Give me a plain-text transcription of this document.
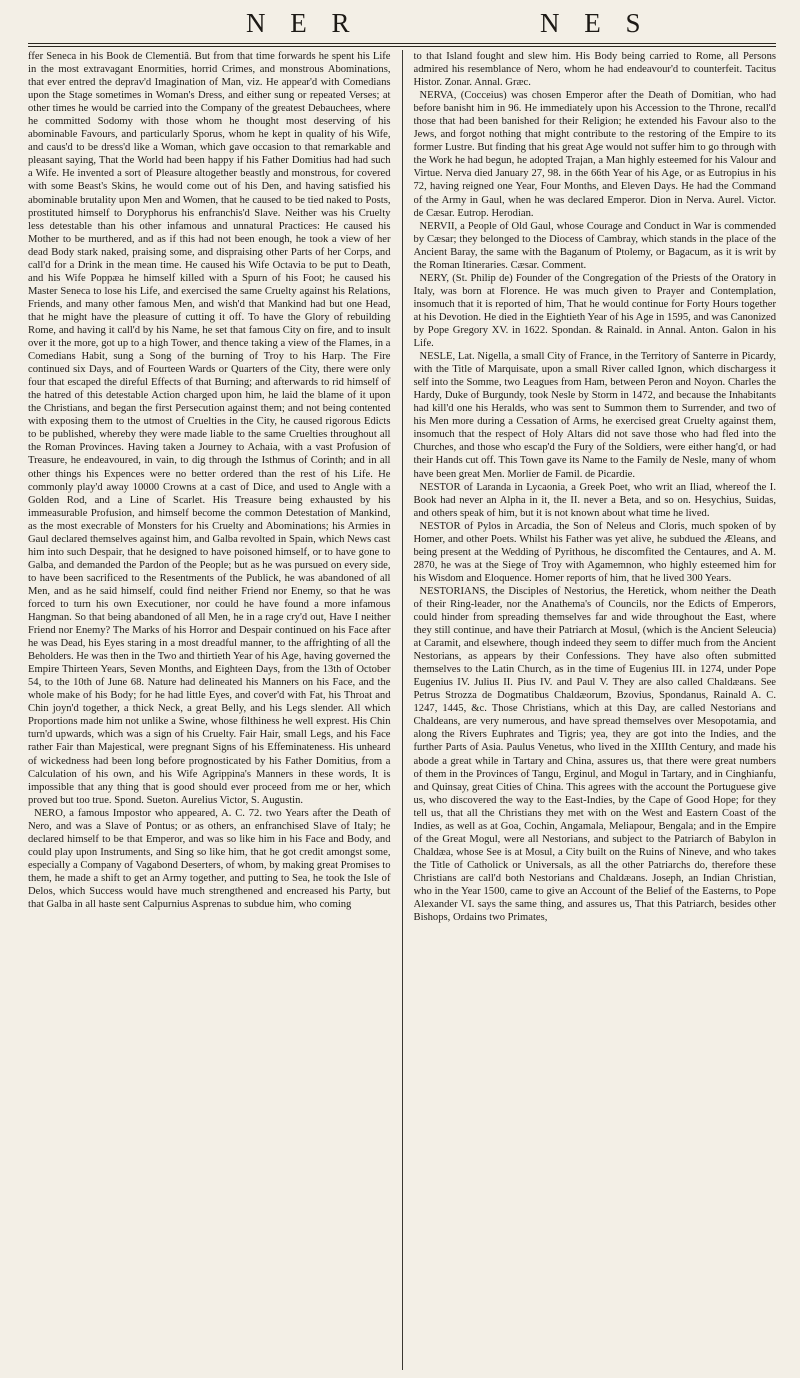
N E R	N E S

ffer Seneca in his Book de Clementiâ. But from that time forwards he spent his Life in the most extravagant Enormities, horrid Crimes, and monstrous Abominations, that ever entred the deprav'd Imagination of Man, viz. He appear'd with Comedians upon the Stage sometimes in Woman's Dress, and either sung or repeated Verses; at other times he would be carried into the Company of the greatest Debauchees, where he committed Sodomy with those whom he thought most deserving of his abominable Favours, and particularly Sporus, whom he kept in quality of his Wife, and caus'd to be dress'd like a Woman, which gave occasion to that remarkable and pleasant saying, That the World had been happy if his Father Domitius had had such a Wife. He invented a sort of Pleasure altogether beastly and monstrous, for covered with some Beast's Skins, he would come out of his Den, and having satisfied his abominable brutality upon Men and Women, that he caused to be tied naked to Posts, prostituted himself to Doryphorus his enfranchis'd Slave. Neither was his Cruelty less detestable than his other infamous and unnatural Practices: He caused his Mother to be murthered, and as if this had not been enough, he took a view of her dead Body stark naked, praising some, and dispraising other Parts of her Corps, and call'd for a Drink in the mean time. He caused his Wife Octavia to be put to Death, and his Wife Poppæa he himself killed with a Spurn of his Foot; he caused his Master Seneca to lose his Life, and exercised the same Cruelty against his Relations, Friends, and many other famous Men, and wish'd that Mankind had but one Head, that he might have the pleasure of cutting it off. To have the Glory of rebuilding Rome, and having it call'd by his Name, he set that famous City on fire, and to insult over it the more, got up to a high Tower, and thence taking a view of the Flames, in a Comedians Habit, sung a Song of the burning of Troy to his Harp. The Fire continued six Days, and of Fourteen Wards or Quarters of the City, there were only four that escaped the direful Effects of that Burning; and afterwards to rid himself of the hatred of this detestable Action charged upon him, he laid the blame of it upon the Christians, and began the first Persecution against them; and not being contented with exposing them to the utmost of Cruelties in the City, he caused rigorous Edicts to be published, whereby they were made liable to the same Cruelties throughout all the Roman Provinces. Having taken a Journey to Achaia, with a vast Profusion of Treasure, he endeavoured, in vain, to dig through the Isthmus of Corinth; and in all other things his Expences were no better ordered than the rest of his Life. He commonly play'd away 10000 Crowns at a cast of Dice, and used to Angle with a Golden Rod, and a Line of Scarlet. His Treasure being exhausted by his immeasurable Profusion, and himself become the common Detestation of Mankind, as the most execrable of Monsters for his Cruelty and Abominations; his Armies in Gaul declared themselves against him, and Galba revolted in Spain, which News cast him into such Despair, that he designed to have poisoned himself, or to have gone to Galba, and demanded the Pardon of the People; but as he was pursued on every side, to have been sacrificed to the Resentments of the Publick, he was abandoned of all Men, and as he said himself, could find neither Friend nor Enemy, so that he was forced to turn his own Executioner, nor could he have found a more infamous Hangman. So that being abandoned of all Men, he in a rage cry'd out, Have I neither Friend nor Enemy? The Marks of his Horror and Despair continued on his Face after he was Dead, his Eyes staring in a most dreadful manner, to the affrighting of all the Beholders. He was then in the Two and thirtieth Year of his Age, having governed the Empire Thirteen Years, Seven Months, and Eighteen Days, from the 13th of October 54, to the 10th of June 68. Nature had delineated his Manners on his Face, and the whole make of his Body; for he had little Eyes, and cover'd with Fat, his Throat and Chin joyn'd together, a thick Neck, a great Belly, and his Legs slender. All which Proportions made him not unlike a Swine, whose filthiness he well exprest. His Chin turn'd upwards, which was a sign of his Cruelty. Fair Hair, small Legs, and his Face rather Fair than Majestical, were pregnant Signs of his Effeminateness. His unheard of wickedness had been long before prognosticated by his Father Domitius, from a Calculation of his own, and his Wife Agrippina's Manners in these words, It is impossible that any thing that is good should ever proceed from me or her, which proved but too true. Spond. Sueton. Aurelius Victor, S. Augustin.

NERO, a famous Impostor who appeared, A. C. 72. two Years after the Death of Nero, and was a Slave of Pontus; or as others, an enfranchised Slave of Italy; he declared himself to be that Emperor, and was so like him in his Face and Body, and could play upon Instruments, and Sing so like him, that he got credit amongst some, especially a Company of Vagabond Deserters, of whom, by making great Promises to them, he made a shift to get an Army together, and putting to Sea, he took the Isle of Delos, which Success would have much strengthened and encreased his Party, but that Galba in all haste sent Calpurnius Asprenas to subdue him, who coming

to that Island fought and slew him. His Body being carried to Rome, all Persons admired his resemblance of Nero, whom he had endeavour'd to counterfeit. Tacitus Histor. Zonar. Annal. Græc.

NERVA, (Cocceius) was chosen Emperor after the Death of Domitian, who had before banisht him in 96. He immediately upon his Accession to the Throne, recall'd those that had been banished for their Religion; he extended his Favour also to the Jews, and forgot nothing that might contribute to the restoring of the Empire to its former Lustre. But finding that his great Age would not suffer him to go through with the Work he had begun, he adopted Trajan, a Man highly esteemed for his Valour and Virtue. Nerva died January 27, 98. in the 66th Year of his Age, or as Eutropius in his 72, having reigned one Year, Four Months, and Eleven Days. He had the Command of the Army in Gaul, when he was declared Emperor. Dion in Nerva. Aurel. Victor. de Cæsar. Eutrop. Herodian.

NERVII, a People of Old Gaul, whose Courage and Conduct in War is commended by Cæsar; they belonged to the Diocess of Cambray, which stands in the place of the Ancient Baray, the same with the Baganum of Ptolemy, or Bagacum, as it is writ by the Roman Itineraries. Cæsar. Comment.

NERY, (St. Philip de) Founder of the Congregation of the Priests of the Oratory in Italy, was born at Florence. He was much given to Prayer and Contemplation, insomuch that it is reported of him, That he would continue for Forty Hours together at his Devotion. He died in the Eightieth Year of his Age in 1595, and was Canonized by Pope Gregory XV. in 1622. Spondan. & Rainald. in Annal. Anton. Galon in his Life.

NESLE, Lat. Nigella, a small City of France, in the Territory of Santerre in Picardy, with the Title of Marquisate, upon a small River called Ignon, which dischargess it self into the Somme, two Leagues from Ham, between Peron and Noyon. Charles the Hardy, Duke of Burgundy, took Nesle by Storm in 1472, and because the Inhabitants had kill'd one his Heralds, who was sent to Summon them to Surrender, and two of his Men more during a Cessation of Arms, he exercised great Cruelty against them, insomuch that the respect of Holy Altars did not save those who had fled into the Churches, and those who escap'd the Fury of the Soldiers, were either hang'd, or had their Hands cut off. This Town gave its Name to the Family de Nesle, many of whom have been great Men. Morlier de Famil. de Picardie.

NESTOR of Laranda in Lycaonia, a Greek Poet, who writ an Iliad, whereof the I. Book had never an Alpha in it, the II. never a Beta, and so on. Hesychius, Suidas, and others speak of him, but it is not known about what time he lived.

NESTOR of Pylos in Arcadia, the Son of Neleus and Cloris, much spoken of by Homer, and other Poets. Whilst his Father was yet alive, he subdued the Æleans, and being present at the Wedding of Pyrithous, he discomfited the Centaures, and A. M. 2870, he was at the Siege of Troy with Agamemnon, who highly esteemed him for his Wisdom and Eloquence. Homer reports of him, that he lived 300 Years.

NESTORIANS, the Disciples of Nestorius, the Heretick, whom neither the Death of their Ring-leader, nor the Anathema's of Councils, nor the Edicts of Emperors, could hinder from spreading themselves far and wide throughout the East, where they still continue, and have their Patriarch at Mosul, (which is the Ancient Seleucia) at Caramit, and elsewhere, though indeed they seem to differ much from the Ancient Nestorians, as appears by their Confessions. They have also often submitted themselves to the Latin Church, as in the time of Eugenius III. in 1274, under Pope Eugenius IV. Julius II. Pius IV. and Paul V. They are also called Chaldæans. See Petrus Strozza de Dogmatibus Chaldæorum, Bzovius, Spondanus, Rainald A. C. 1247, 1445, &c. Those Christians, which at this Day, are called Nestorians and Chaldeans, are very numerous, and have spread themselves over Mesopotamia, and along the Rivers Euphrates and Tigris; yea, they are got into the Indies, and the further Parts of Asia. Paulus Venetus, who lived in the XIIIth Century, and made his abode a great while in Tartary and China, assures us, that there were great numbers of them in the Provinces of Tangu, Erginul, and Mogul in Tartary, and in Cinghianfu, and Quinsay, great Cities of China. This agrees with the account the Portuguese give us, who discovered the way to the East-Indies, by the Cape of Good Hope; for they tell us, that all the Christians they met with on the West and Eastern Coast of the Indies, as well as at Goa, Cochin, Angamala, Meliapour, Bengala; and in the Empire of the Great Mogul, were all Nestorians, and subject to the Patriarch of Babylon in Chaldæa, whose See is at Mosul, a City built on the Ruins of Nineve, and who takes the Title of Catholick or Universals, as all the other Patriarchs do, therefore these Christians are call'd both Nestorians and Chaldæans. Joseph, an Indian Christian, who in the Year 1500, came to give an Account of the Belief of the Easterns, to Pope Alexander VI. says the same thing, and assures us, That this Patriarch, besides other Bishops, Ordains two Primates,
